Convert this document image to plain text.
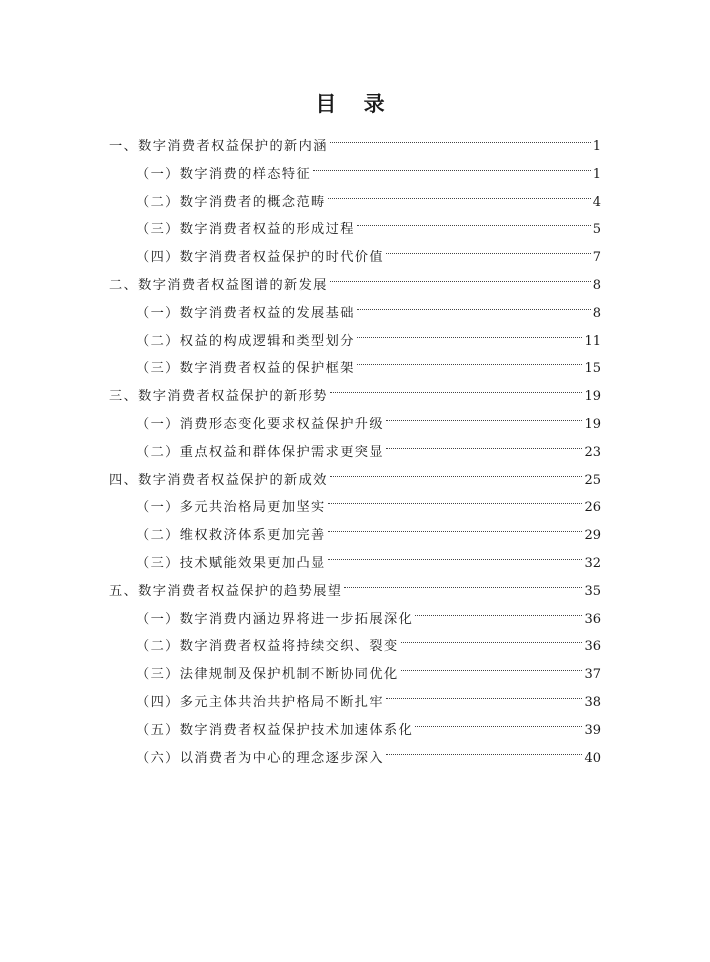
目 录
一、数字消费者权益保护的新内涵	1
（一）数字消费的样态特征	1
（二）数字消费者的概念范畴	4
（三）数字消费者权益的形成过程	5
（四）数字消费者权益保护的时代价值	7
二、数字消费者权益图谱的新发展	8
（一）数字消费者权益的发展基础	8
（二）权益的构成逻辑和类型划分	11
（三）数字消费者权益的保护框架	15
三、数字消费者权益保护的新形势	19
（一）消费形态变化要求权益保护升级	19
（二）重点权益和群体保护需求更突显	23
四、数字消费者权益保护的新成效	25
（一）多元共治格局更加坚实	26
（二）维权救济体系更加完善	29
（三）技术赋能效果更加凸显	32
五、数字消费者权益保护的趋势展望	35
（一）数字消费内涵边界将进一步拓展深化	36
（二）数字消费者权益将持续交织、裂变	36
（三）法律规制及保护机制不断协同优化	37
（四）多元主体共治共护格局不断扎牢	38
（五）数字消费者权益保护技术加速体系化	39
（六）以消费者为中心的理念逐步深入	40
